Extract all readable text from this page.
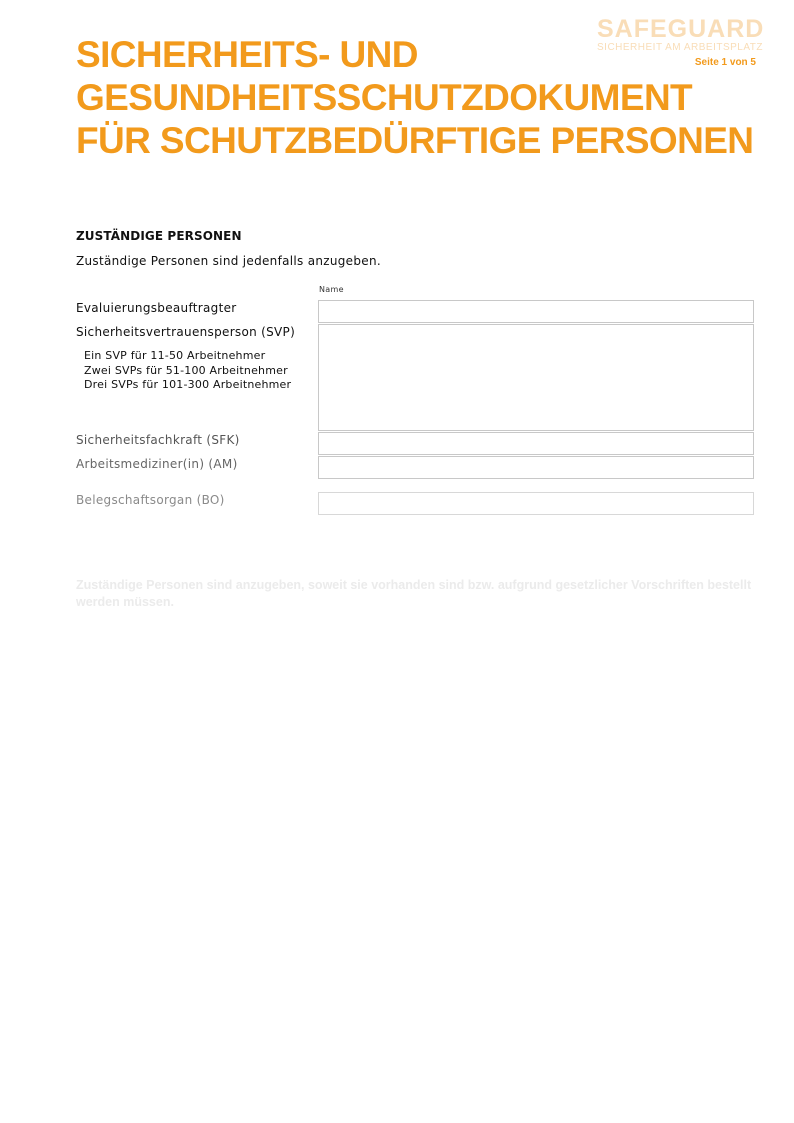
SAFEGUARD
SICHERHEIT AM ARBEITSPLATZ
Seite 1 von 5
SICHERHEITS- UND
GESUNDHEITSSCHUTZDOKUMENT
FÜR SCHUTZBEDÜRFTIGE PERSONEN
ZUSTÄNDIGE PERSONEN
Zuständige Personen sind jedenfalls anzugeben.
Name
Evaluierungsbeauftragter
Sicherheitsvertrauensperson (SVP)
Ein SVP für 11-50 Arbeitnehmer
Zwei SVPs für 51-100 Arbeitnehmer
Drei SVPs für 101-300 Arbeitnehmer
Sicherheitsfachkraft (SFK)
Arbeitsmediziner(in) (AM)
Belegschaftsorgan (BO)
Zuständige Personen sind anzugeben, soweit sie vorhanden sind bzw. aufgrund gesetzlicher Vorschriften bestellt werden müssen.
